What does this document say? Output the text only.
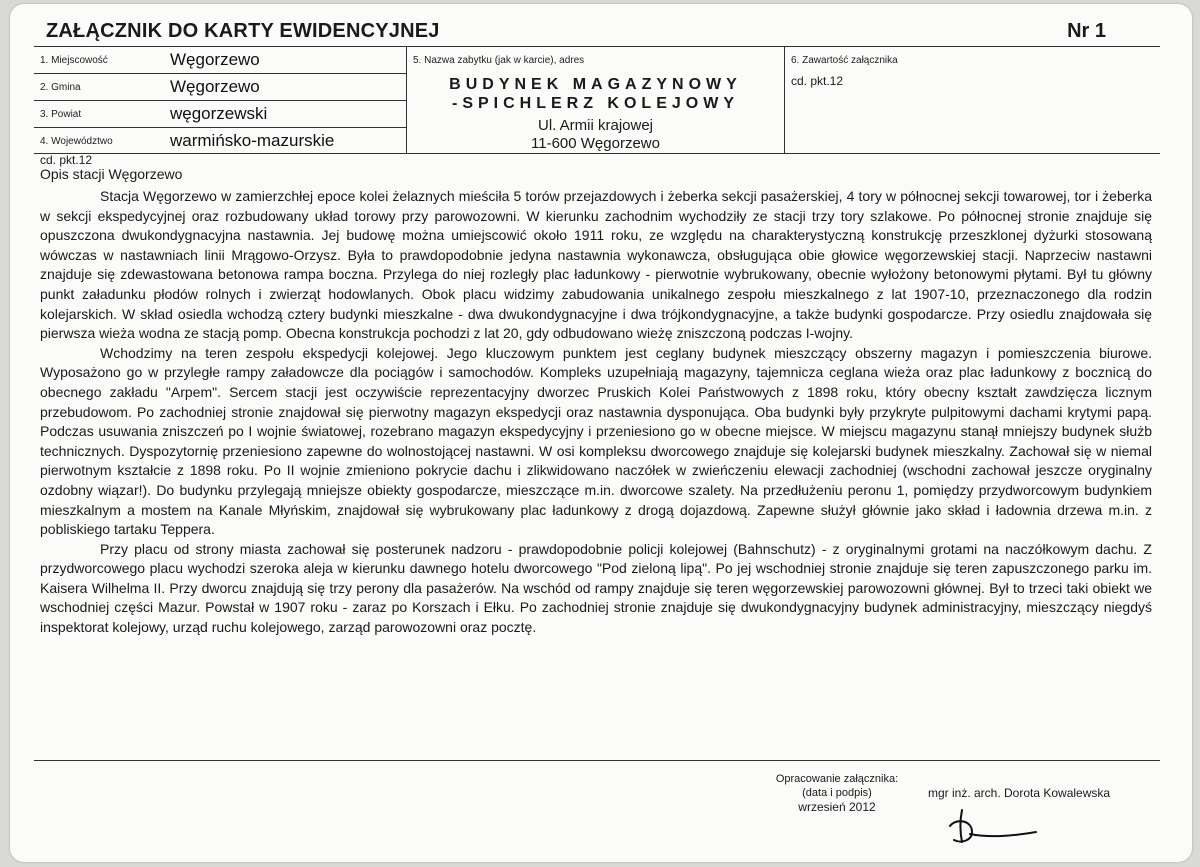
ZAŁĄCZNIK DO KARTY EWIDENCYJNEJ	Nr 1
1. Miejscowość	Węgorzewo
2. Gmina	Węgorzewo
3. Powiat	węgorzewski
4. Województwo	warmińsko-mazurskie
5. Nazwa zabytku (jak w karcie), adres
BUDYNEK MAGAZYNOWY
-SPICHLERZ KOLEJOWY
Ul. Armii krajowej
11-600 Węgorzewo
6. Zawartość załącznika
cd. pkt.12
cd. pkt.12
Opis stacji Węgorzewo

Stacja Węgorzewo w zamierzchłej epoce kolei żelaznych mieściła 5 torów przejazdowych i żeberka sekcji pasażerskiej, 4 tory w północnej sekcji towarowej, tor i żeberka w sekcji ekspedycyjnej oraz rozbudowany układ torowy przy parowozowni. W kierunku zachodnim wychodziły ze stacji trzy tory szlakowe. Po północnej stronie znajduje się opuszczona dwukondygnacyjna nastawnia. Jej budowę można umiejscowić około 1911 roku, ze względu na charakterystyczną konstrukcję przeszklonej dyżurki stosowaną wówczas w nastawniach linii Mrągowo-Orzysz. Była to prawdopodobnie jedyna nastawnia wykonawcza, obsługująca obie głowice węgorzewskiej stacji. Naprzeciw nastawni znajduje się zdewastowana betonowa rampa boczna. Przylega do niej rozległy plac ładunkowy - pierwotnie wybrukowany, obecnie wyłożony betonowymi płytami. Był tu główny punkt załadunku płodów rolnych i zwierząt hodowlanych. Obok placu widzimy zabudowania unikalnego zespołu mieszkalnego z lat 1907-10, przeznaczonego dla rodzin kolejarskich. W skład osiedla wchodzą cztery budynki mieszkalne - dwa dwukondygnacyjne i dwa trójkondygnacyjne, a także budynki gospodarcze. Przy osiedlu znajdowała się pierwsza wieża wodna ze stacją pomp. Obecna konstrukcja pochodzi z lat 20, gdy odbudowano wieżę zniszczoną podczas I-wojny.

Wchodzimy na teren zespołu ekspedycji kolejowej. Jego kluczowym punktem jest ceglany budynek mieszczący obszerny magazyn i pomieszczenia biurowe. Wyposażono go w przyległe rampy załadowcze dla pociągów i samochodów. Kompleks uzupełniają magazyny, tajemnicza ceglana wieża oraz plac ładunkowy z bocznicą do obecnego zakładu "Arpem". Sercem stacji jest oczywiście reprezentacyjny dworzec Pruskich Kolei Państwowych z 1898 roku, który obecny kształt zawdzięcza licznym przebudowom. Po zachodniej stronie znajdował się pierwotny magazyn ekspedycji oraz nastawnia dysponująca. Oba budynki były przykryte pulpitowymi dachami krytymi papą. Podczas usuwania zniszczeń po I wojnie światowej, rozebrano magazyn ekspedycyjny i przeniesiono go w obecne miejsce. W miejscu magazynu stanął mniejszy budynek służb technicznych. Dyspozytornię przeniesiono zapewne do wolnostojącej nastawni. W osi kompleksu dworcowego znajduje się kolejarski budynek mieszkalny. Zachował się w niemal pierwotnym kształcie z 1898 roku. Po II wojnie zmieniono pokrycie dachu i zlikwidowano naczółek w zwieńczeniu elewacji zachodniej (wschodni zachował jeszcze oryginalny ozdobny wiązar!). Do budynku przylegają mniejsze obiekty gospodarcze, mieszczące m.in. dworcowe szalety. Na przedłużeniu peronu 1, pomiędzy przydworcowym budynkiem mieszkalnym a mostem na Kanale Młyńskim, znajdował się wybrukowany plac ładunkowy z drogą dojazdową. Zapewne służył głównie jako skład i ładownia drzewa m.in. z pobliskiego tartaku Teppera.

Przy placu od strony miasta zachował się posterunek nadzoru - prawdopodobnie policji kolejowej (Bahnschutz) - z oryginalnymi grotami na naczółkowym dachu. Z przydworcowego placu wychodzi szeroka aleja w kierunku dawnego hotelu dworcowego "Pod zieloną lipą". Po jej wschodniej stronie znajduje się teren zapuszczonego parku im. Kaisera Wilhelma II. Przy dworcu znajdują się trzy perony dla pasażerów. Na wschód od rampy znajduje się teren węgorzewskiej parowozowni głównej. Był to trzeci taki obiekt we wschodniej części Mazur. Powstał w 1907 roku - zaraz po Korszach i Ełku. Po zachodniej stronie znajduje się dwukondygnacyjny budynek administracyjny, mieszczący niegdyś inspektorat kolejowy, urząd ruchu kolejowego, zarząd parowozowni oraz pocztę.

Opracowanie załącznika:
(data i podpis)
wrzesień 2012
mgr inż. arch. Dorota Kowalewska
